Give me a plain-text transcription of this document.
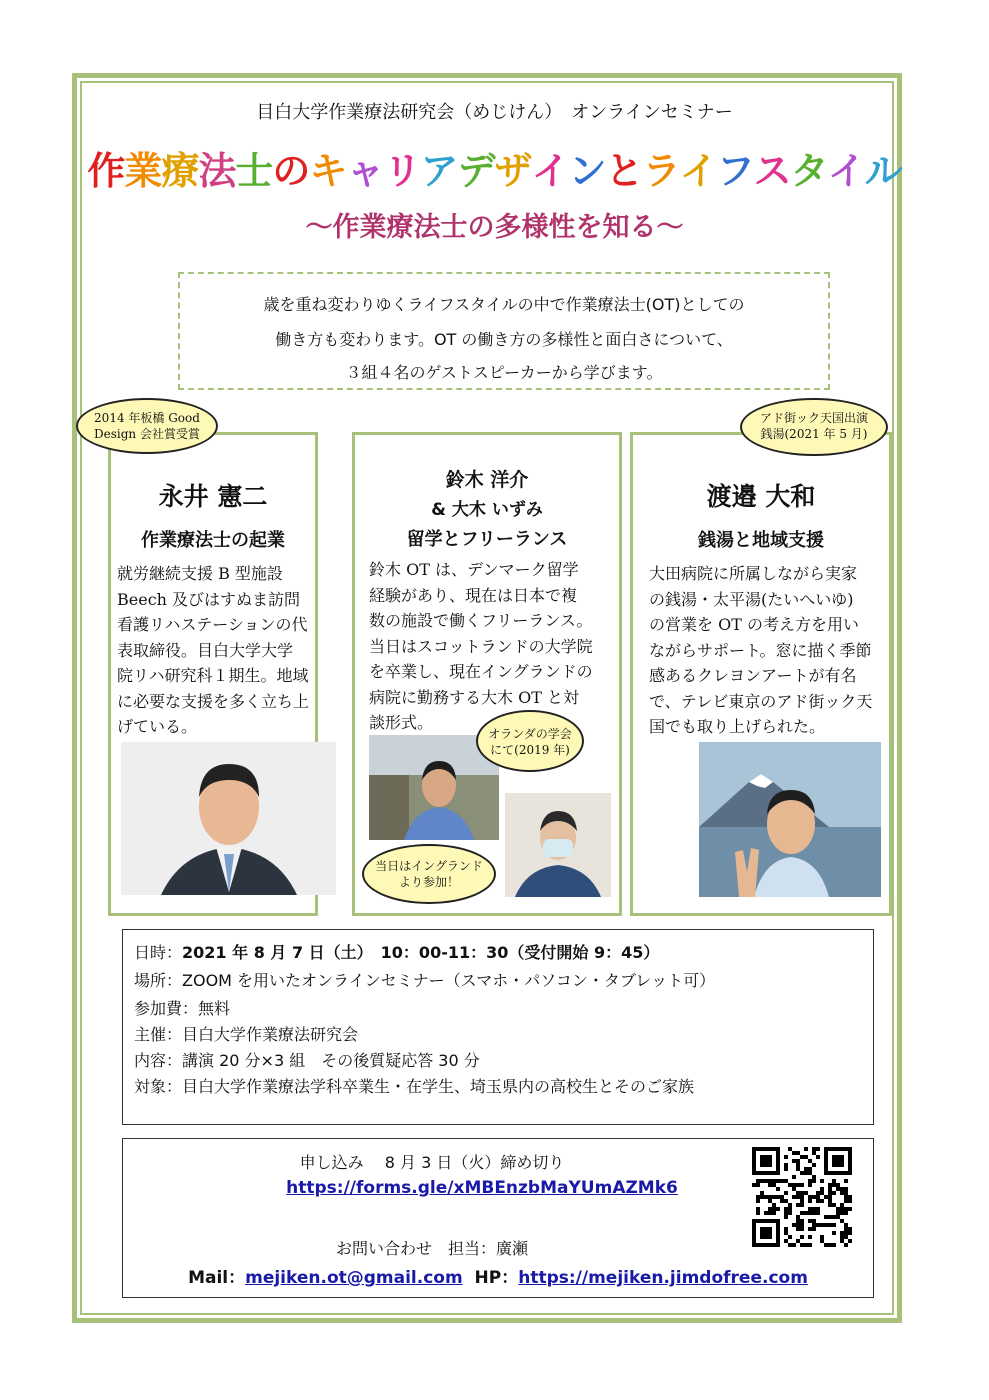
目白大学作業療法研究会（めじけん）　オンラインセミナー
作業療法士のキャリアデザインとライフスタイル
～作業療法士の多様性を知る～
歳を重ね変わりゆくライフスタイルの中で作業療法士(OT)としての
働き方も変わります。OT の働き方の多様性と面白さについて、
３組４名のゲストスピーカーから学びます。
永井 憲二
作業療法士の起業
就労継続支援 B 型施設
Beech 及びはすぬま訪問
看護リハステーションの代
表取締役。目白大学大学
院リハ研究科１期生。地域
に必要な支援を多く立ち上
げている。
2014 年板橋 Good
Design 会社賞受賞
鈴木 洋介
& 大木 いずみ
留学とフリーランス
鈴木 OT は、デンマーク留学
経験があり、現在は日本で複
数の施設で働くフリーランス。
当日はスコットランドの大学院
を卒業し、現在イングランドの
病院に勤務する大木 OT と対
談形式。
オランダの学会
にて(2019 年)
当日はイングランド
より参加！
渡邉 大和
銭湯と地域支援
大田病院に所属しながら実家
の銭湯・太平湯(たいへいゆ)
の営業を OT の考え方を用い
ながらサポート。窓に描く季節
感あるクレヨンアートが有名
で、テレビ東京のアド街ック天
国でも取り上げられた。
アド街ック天国出演
銭湯(2021 年 5 月)
日時：2021 年 8 月 7 日（土）　10：00-11：30（受付開始 9：45）
場所：ZOOM を用いたオンラインセミナー（スマホ・パソコン・タブレット可）
参加費：無料
主催：目白大学作業療法研究会
内容：講演 20 分×3 組　その後質疑応答 30 分
対象：目白大学作業療法学科卒業生・在学生、埼玉県内の高校生とそのご家族
申し込み　 8 月 3 日（火）締め切り
https://forms.gle/xMBEnzbMaYUmAZMk6
お問い合わせ　担当：廣瀬
Mail：mejiken.ot@gmail.com HP：https://mejiken.jimdofree.com
